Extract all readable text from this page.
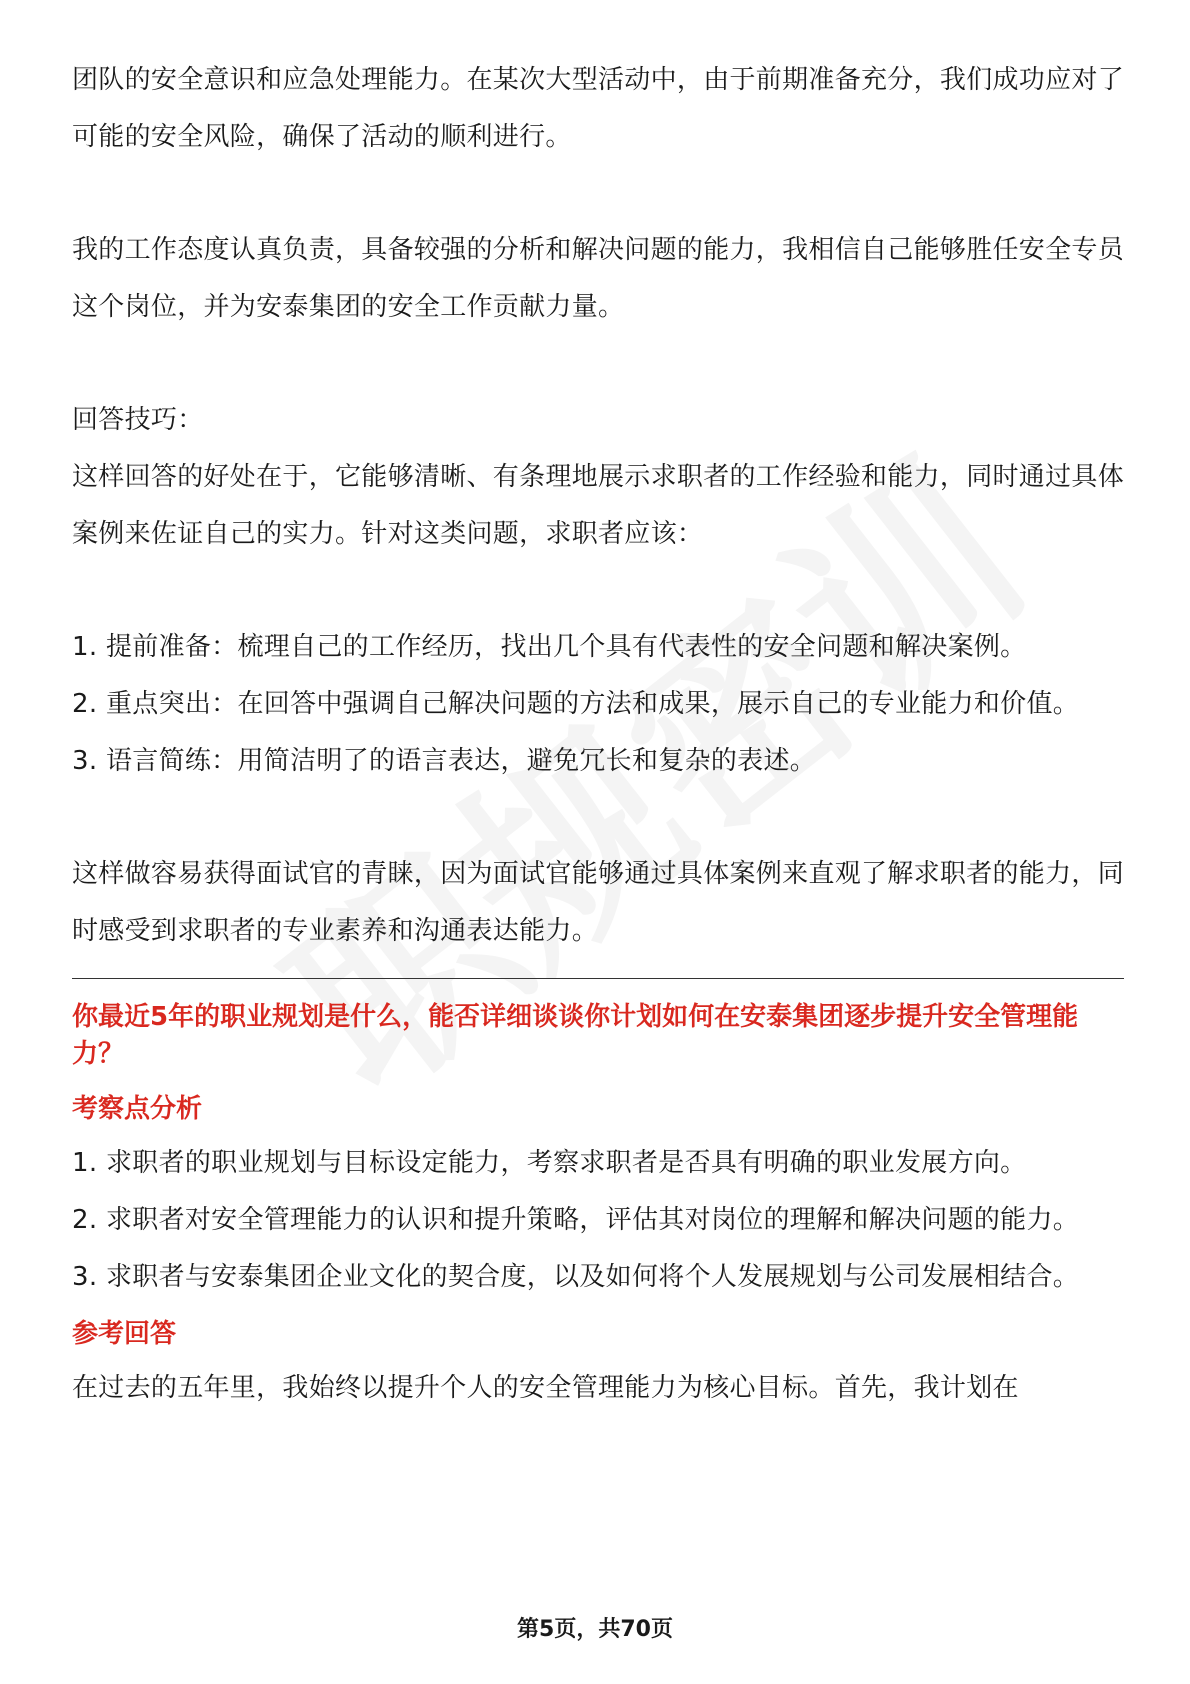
团队的安全意识和应急处理能力。在某次大型活动中，由于前期准备充分，我们成功应对了可能的安全风险，确保了活动的顺利进行。

我的工作态度认真负责，具备较强的分析和解决问题的能力，我相信自己能够胜任安全专员这个岗位，并为安泰集团的安全工作贡献力量。

回答技巧：

这样回答的好处在于，它能够清晰、有条理地展示求职者的工作经验和能力，同时通过具体案例来佐证自己的实力。针对这类问题，求职者应该：

1. 提前准备：梳理自己的工作经历，找出几个具有代表性的安全问题和解决案例。

2. 重点突出：在回答中强调自己解决问题的方法和成果，展示自己的专业能力和价值。

3. 语言简练：用简洁明了的语言表达，避免冗长和复杂的表述。

这样做容易获得面试官的青睐，因为面试官能够通过具体案例来直观了解求职者的能力，同时感受到求职者的专业素养和沟通表达能力。

你最近5年的职业规划是什么，能否详细谈谈你计划如何在安泰集团逐步提升安全管理能力？

考察点分析

1. 求职者的职业规划与目标设定能力，考察求职者是否具有明确的职业发展方向。

2. 求职者对安全管理能力的认识和提升策略，评估其对岗位的理解和解决问题的能力。

3. 求职者与安泰集团企业文化的契合度，以及如何将个人发展规划与公司发展相结合。

参考回答

在过去的五年里，我始终以提升个人的安全管理能力为核心目标。首先，我计划在

第5页，共70页
